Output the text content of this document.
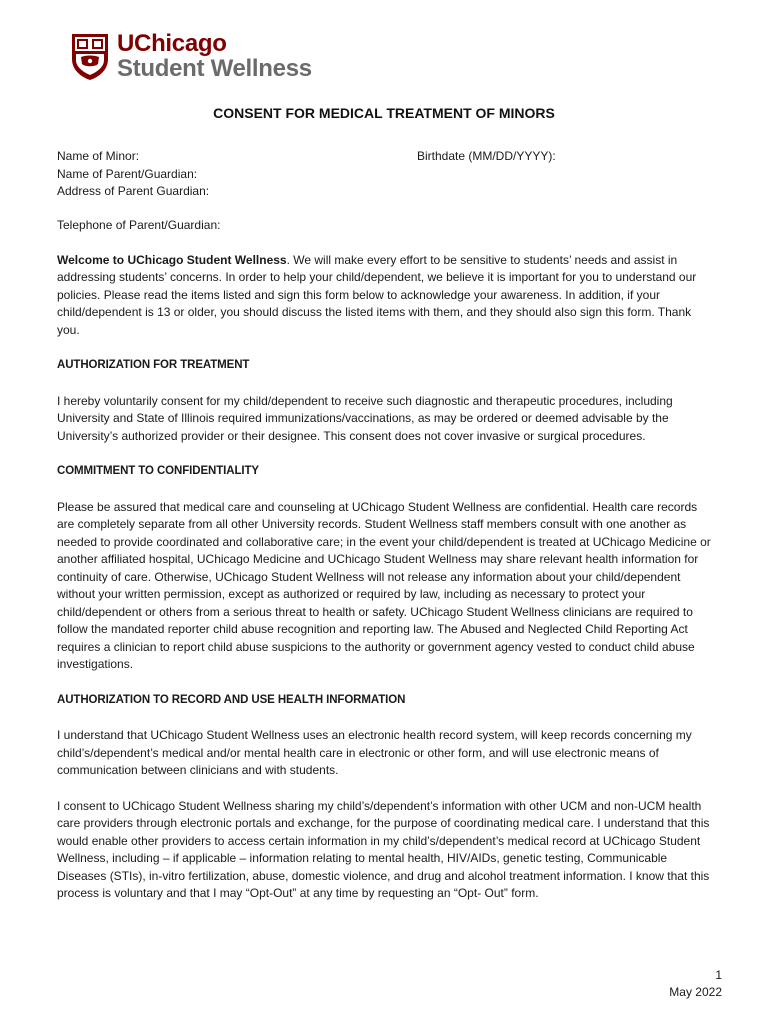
UChicago
Student Wellness
CONSENT FOR MEDICAL TREATMENT OF MINORS
Name of Minor:	Birthdate (MM/DD/YYYY):
Name of Parent/Guardian:
Address of Parent Guardian:

Telephone of Parent/Guardian:

Welcome to UChicago Student Wellness. We will make every effort to be sensitive to students’ needs and assist in addressing students’ concerns. In order to help your child/dependent, we believe it is important for you to understand our policies. Please read the items listed and sign this form below to acknowledge your awareness. In addition, if your child/dependent is 13 or older, you should discuss the listed items with them, and they should also sign this form. Thank you.

AUTHORIZATION FOR TREATMENT

I hereby voluntarily consent for my child/dependent to receive such diagnostic and therapeutic procedures, including University and State of Illinois required immunizations/vaccinations, as may be ordered or deemed advisable by the University’s authorized provider or their designee. This consent does not cover invasive or surgical procedures.

COMMITMENT TO CONFIDENTIALITY

Please be assured that medical care and counseling at UChicago Student Wellness are confidential. Health care records are completely separate from all other University records. Student Wellness staff members consult with one another as needed to provide coordinated and collaborative care; in the event your child/dependent is treated at UChicago Medicine or another affiliated hospital, UChicago Medicine and UChicago Student Wellness may share relevant health information for continuity of care. Otherwise, UChicago Student Wellness will not release any information about your child/dependent without your written permission, except as authorized or required by law, including as necessary to protect your child/dependent or others from a serious threat to health or safety. UChicago Student Wellness clinicians are required to follow the mandated reporter child abuse recognition and reporting law. The Abused and Neglected Child Reporting Act requires a clinician to report child abuse suspicions to the authority or government agency vested to conduct child abuse investigations.

AUTHORIZATION TO RECORD AND USE HEALTH INFORMATION

I understand that UChicago Student Wellness uses an electronic health record system, will keep records concerning my child’s/dependent’s medical and/or mental health care in electronic or other form, and will use electronic means of communication between clinicians and with students.

I consent to UChicago Student Wellness sharing my child’s/dependent’s information with other UCM and non-UCM health care providers through electronic portals and exchange, for the purpose of coordinating medical care. I understand that this would enable other providers to access certain information in my child’s/dependent’s medical record at UChicago Student Wellness, including – if applicable – information relating to mental health, HIV/AIDs, genetic testing, Communicable Diseases (STIs), in-vitro fertilization, abuse, domestic violence, and drug and alcohol treatment information. I know that this process is voluntary and that I may “Opt-Out” at any time by requesting an “Opt- Out” form.

1
May 2022
